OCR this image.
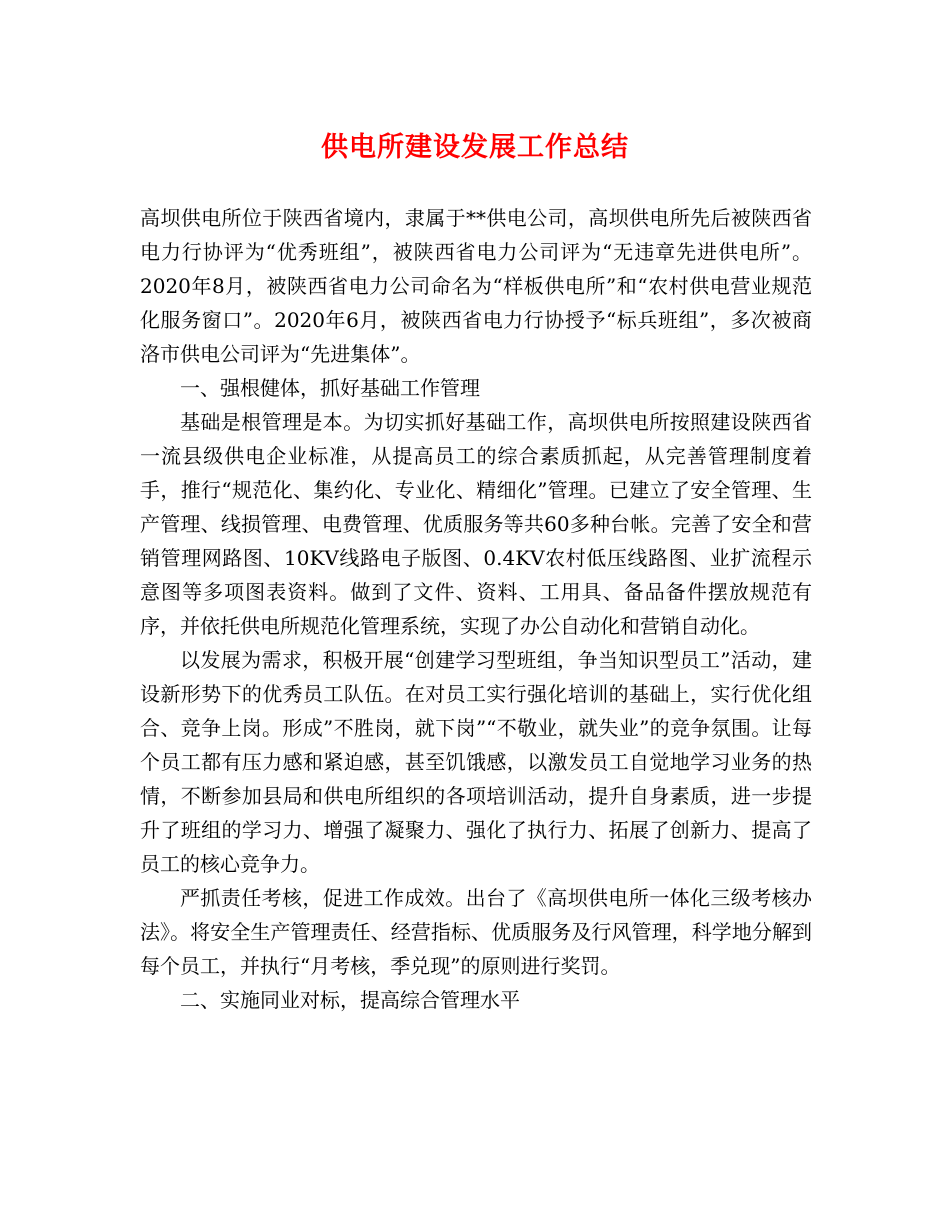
供电所建设发展工作总结

高坝供电所位于陕西省境内，隶属于**供电公司，高坝供电所先后被陕西省电力行协评为“优秀班组”，被陕西省电力公司评为“无违章先进供电所”。2020年8月，被陕西省电力公司命名为“样板供电所”和“农村供电营业规范化服务窗口”。2020年6月，被陕西省电力行协授予“标兵班组”，多次被商洛市供电公司评为“先进集体”。

一、强根健体，抓好基础工作管理

基础是根管理是本。为切实抓好基础工作，高坝供电所按照建设陕西省一流县级供电企业标准，从提高员工的综合素质抓起，从完善管理制度着手，推行“规范化、集约化、专业化、精细化”管理。已建立了安全管理、生产管理、线损管理、电费管理、优质服务等共60多种台帐。完善了安全和营销管理网路图、10KV线路电子版图、0.4KV农村低压线路图、业扩流程示意图等多项图表资料。做到了文件、资料、工用具、备品备件摆放规范有序，并依托供电所规范化管理系统，实现了办公自动化和营销自动化。

以发展为需求，积极开展“创建学习型班组，争当知识型员工”活动，建设新形势下的优秀员工队伍。在对员工实行强化培训的基础上，实行优化组合、竞争上岗。形成”不胜岗，就下岗”“不敬业，就失业”的竞争氛围。让每个员工都有压力感和紧迫感，甚至饥饿感，以激发员工自觉地学习业务的热情，不断参加县局和供电所组织的各项培训活动，提升自身素质，进一步提升了班组的学习力、增强了凝聚力、强化了执行力、拓展了创新力、提高了员工的核心竞争力。

严抓责任考核，促进工作成效。出台了《高坝供电所一体化三级考核办法》。将安全生产管理责任、经营指标、优质服务及行风管理，科学地分解到每个员工，并执行“月考核，季兑现”的原则进行奖罚。

二、实施同业对标，提高综合管理水平
